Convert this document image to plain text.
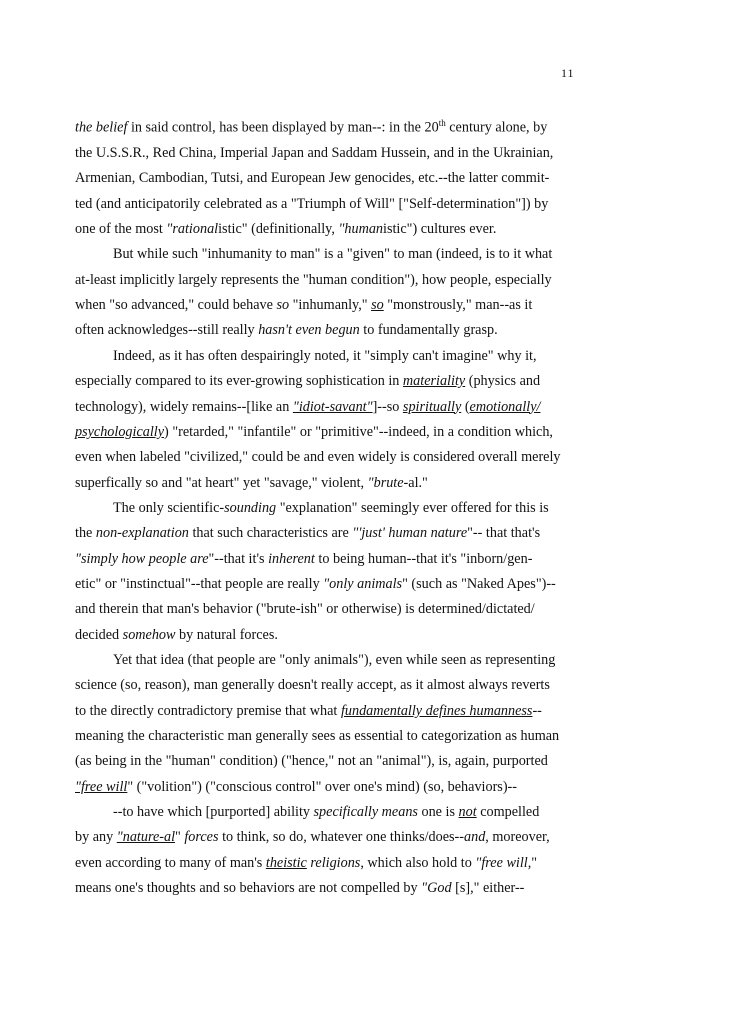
11
the belief in said control, has been displayed by man--: in the 20th century alone, by
the U.S.S.R., Red China, Imperial Japan and Saddam Hussein, and in the Ukrainian,
Armenian, Cambodian, Tutsi, and European Jew genocides, etc.--the latter commit-
ted (and anticipatorily celebrated as a "Triumph of Will" ["Self-determination"]) by
one of the most "rationalistic" (definitionally, "humanistic") cultures ever.
But while such "inhumanity to man" is a "given" to man (indeed, is to it what
at-least implicitly largely represents the "human condition"), how people, especially
when "so advanced," could behave so "inhumanly," so "monstrously," man--as it
often acknowledges--still really hasn't even begun to fundamentally grasp.
Indeed, as it has often despairingly noted, it "simply can't imagine" why it,
especially compared to its ever-growing sophistication in materiality (physics and
technology), widely remains--[like an "idiot-savant"]--so spiritually (emotionally/
psychologically) "retarded," "infantile" or "primitive"--indeed, in a condition which,
even when labeled "civilized," could be and even widely is considered overall merely
superfically so and "at heart" yet "savage," violent, "brute-al."
The only scientific-sounding "explanation" seemingly ever offered for this is
the non-explanation that such characteristics are "'just' human nature"-- that that's
"simply how people are"--that it's inherent to being human--that it's "inborn/gen-
etic" or "instinctual"--that people are really "only animals" (such as "Naked Apes")--
and therein that man's behavior ("brute-ish" or otherwise) is determined/dictated/
decided somehow by natural forces.
Yet that idea (that people are "only animals"), even while seen as representing
science (so, reason), man generally doesn't really accept, as it almost always reverts
to the directly contradictory premise that what fundamentally defines humanness--
meaning the characteristic man generally sees as essential to categorization as human
(as being in the "human" condition) ("hence," not an "animal"), is, again, purported
"free will" ("volition") ("conscious control" over one's mind) (so, behaviors)--
--to have which [purported] ability specifically means one is not compelled
by any "nature-al" forces to think, so do, whatever one thinks/does--and, moreover,
even according to many of man's theistic religions, which also hold to "free will,"
means one's thoughts and so behaviors are not compelled by "God [s]," either--
